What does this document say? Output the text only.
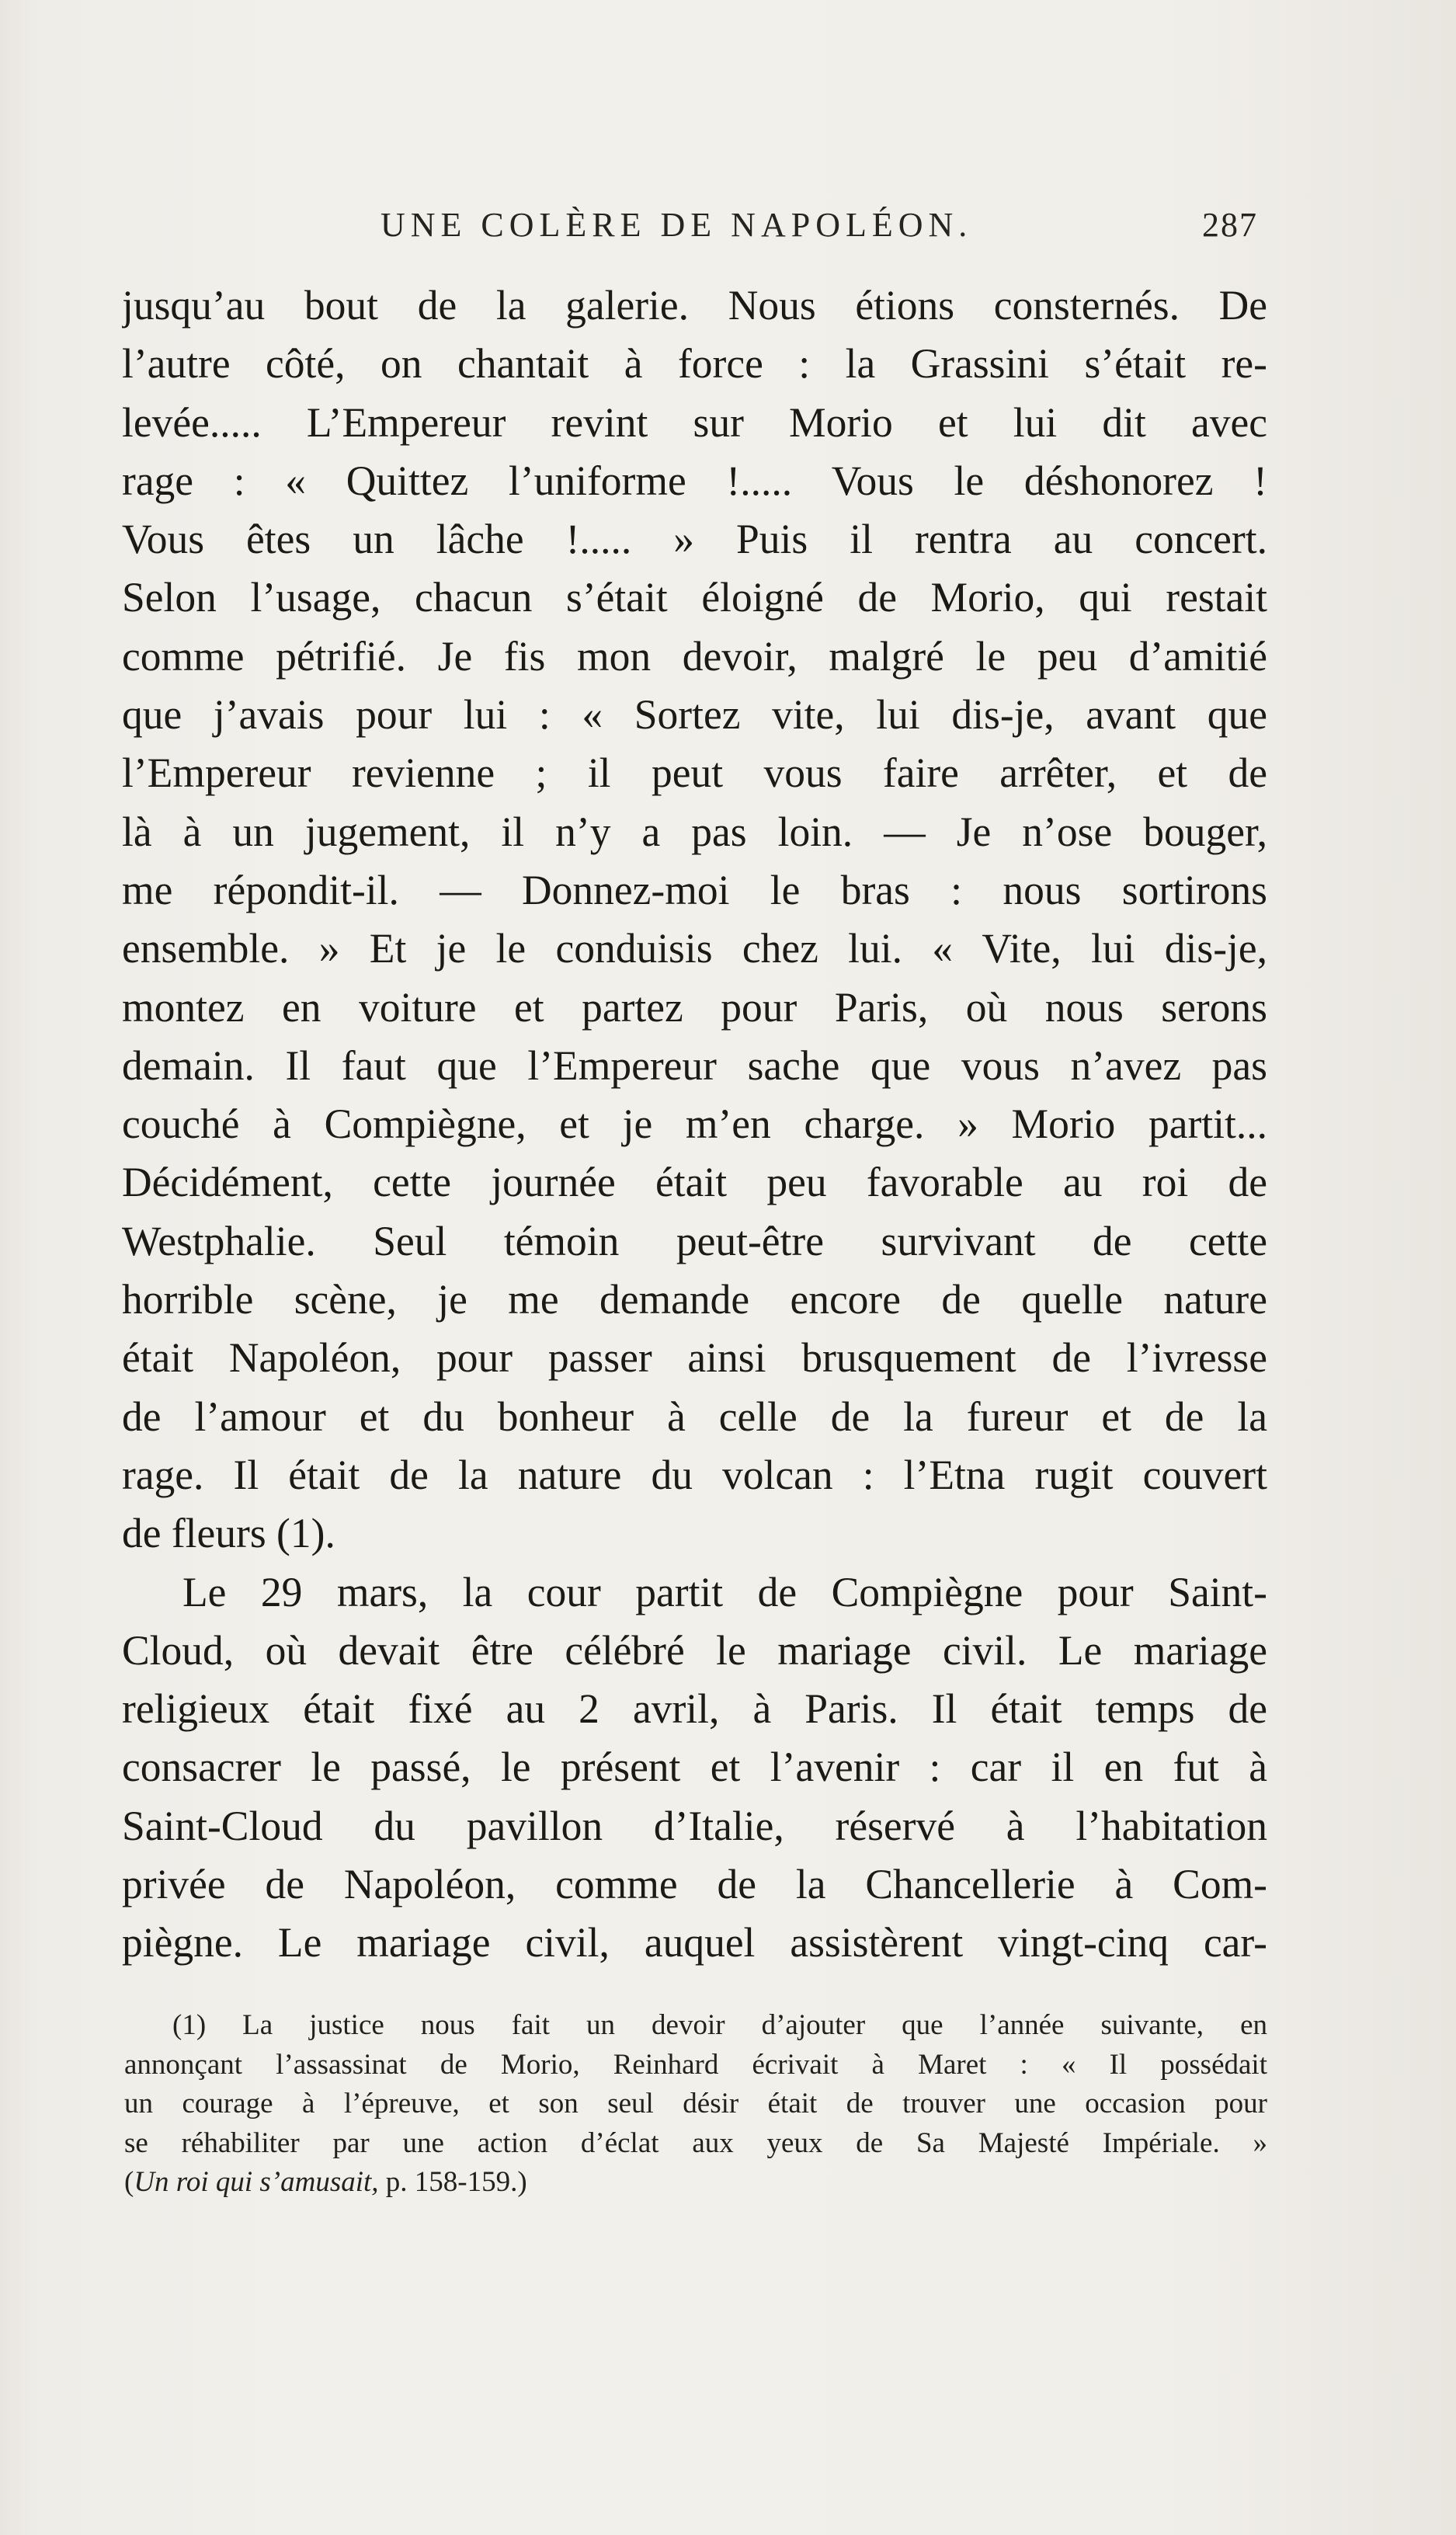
UNE COLÈRE DE NAPOLÉON.	287
jusqu’au bout de la galerie. Nous étions consternés. De
l’autre côté, on chantait à force : la Grassini s’était re-
levée..... L’Empereur revint sur Morio et lui dit avec
rage : « Quittez l’uniforme !..... Vous le déshonorez !
Vous êtes un lâche !..... » Puis il rentra au concert.
Selon l’usage, chacun s’était éloigné de Morio, qui restait
comme pétrifié. Je fis mon devoir, malgré le peu d’amitié
que j’avais pour lui : « Sortez vite, lui dis-je, avant que
l’Empereur revienne ; il peut vous faire arrêter, et de
là à un jugement, il n’y a pas loin. — Je n’ose bouger,
me répondit-il. — Donnez-moi le bras : nous sortirons
ensemble. » Et je le conduisis chez lui. « Vite, lui dis-je,
montez en voiture et partez pour Paris, où nous serons
demain. Il faut que l’Empereur sache que vous n’avez pas
couché à Compiègne, et je m’en charge. » Morio partit...
Décidément, cette journée était peu favorable au roi de
Westphalie. Seul témoin peut-être survivant de cette
horrible scène, je me demande encore de quelle nature
était Napoléon, pour passer ainsi brusquement de l’ivresse
de l’amour et du bonheur à celle de la fureur et de la
rage. Il était de la nature du volcan : l’Etna rugit couvert
de fleurs (1).
Le 29 mars, la cour partit de Compiègne pour Saint-
Cloud, où devait être célébré le mariage civil. Le mariage
religieux était fixé au 2 avril, à Paris. Il était temps de
consacrer le passé, le présent et l’avenir : car il en fut à
Saint-Cloud du pavillon d’Italie, réservé à l’habitation
privée de Napoléon, comme de la Chancellerie à Com-
piègne. Le mariage civil, auquel assistèrent vingt-cinq car-
(1) La justice nous fait un devoir d’ajouter que l’année suivante, en
annonçant l’assassinat de Morio, Reinhard écrivait à Maret : « Il possédait
un courage à l’épreuve, et son seul désir était de trouver une occasion pour
se réhabiliter par une action d’éclat aux yeux de Sa Majesté Impériale. »
(Un roi qui s’amusait, p. 158-159.)
